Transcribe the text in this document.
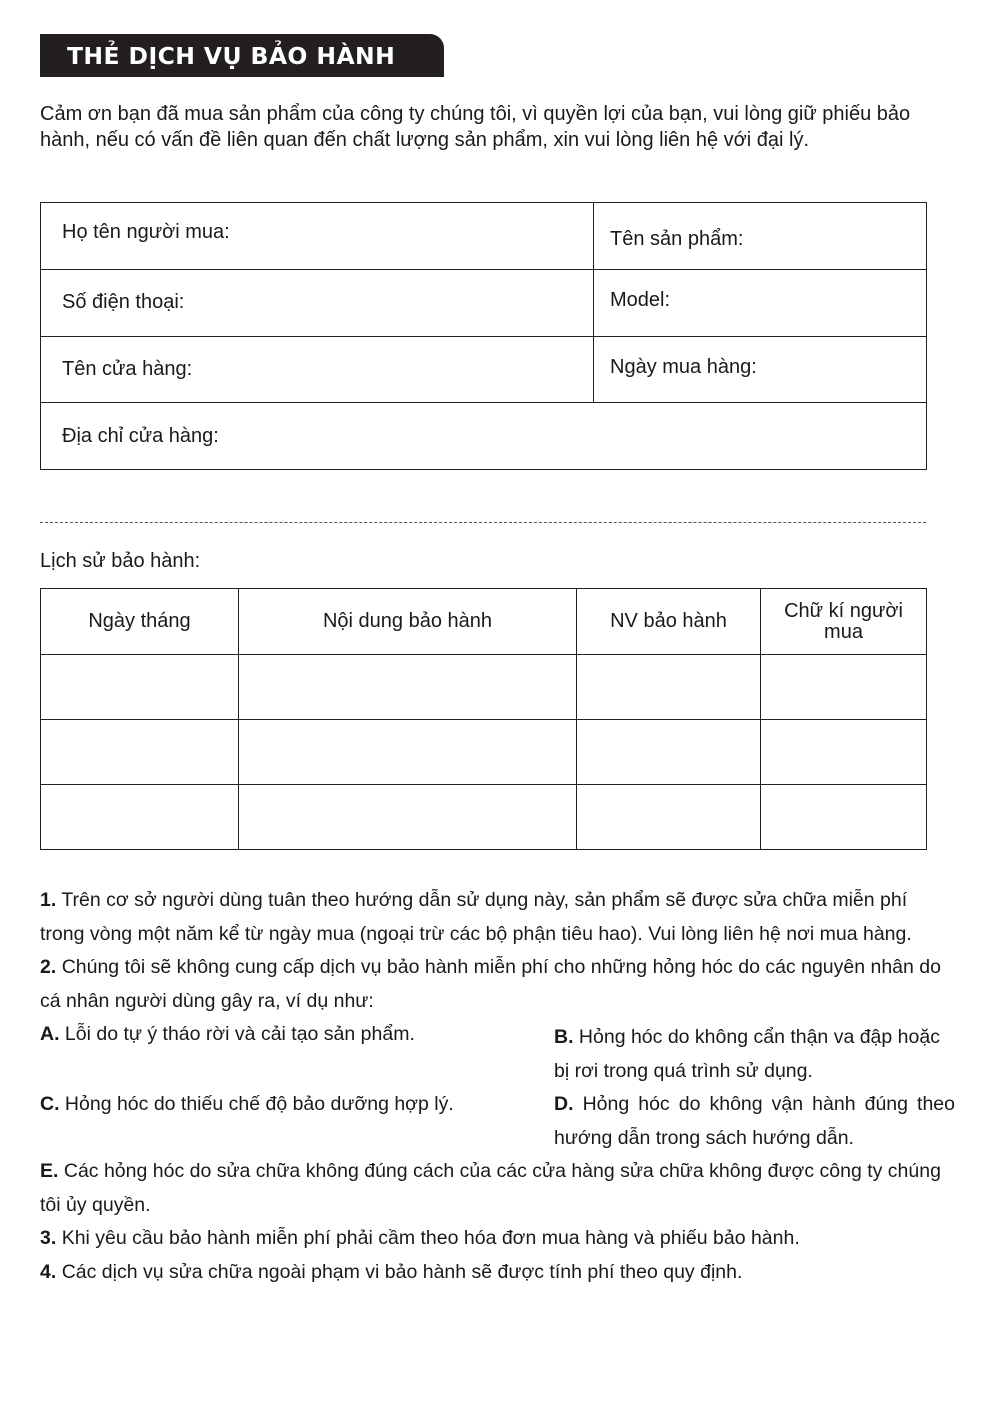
THẺ DỊCH VỤ BẢO HÀNH

Cảm ơn bạn đã mua sản phẩm của công ty chúng tôi, vì quyền lợi của bạn, vui lòng giữ phiếu bảo hành, nếu có vấn đề liên quan đến chất lượng sản phẩm, xin vui lòng liên hệ với đại lý.

Họ tên người mua:	Tên sản phẩm:
Số điện thoại:	Model:
Tên cửa hàng:	Ngày mua hàng:
Địa chỉ cửa hàng:	
Lịch sử bảo hành:
Ngày tháng	Nội dung bảo hành	NV bảo hành	Chữ kí người mua

1. Trên cơ sở người dùng tuân theo hướng dẫn sử dụng này, sản phẩm sẽ được sửa chữa miễn phí trong vòng một năm kể từ ngày mua (ngoại trừ các bộ phận tiêu hao). Vui lòng liên hệ nơi mua hàng.

2. Chúng tôi sẽ không cung cấp dịch vụ bảo hành miễn phí cho những hỏng hóc do các nguyên nhân do cá nhân người dùng gây ra, ví dụ như:

A. Lỗi do tự ý tháo rời và cải tạo sản phẩm.	B. Hỏng hóc do không cẩn thận va đập hoặc bị rơi trong quá trình sử dụng.

C. Hỏng hóc do thiếu chế độ bảo dưỡng hợp lý.	D. Hỏng hóc do không vận hành đúng theo hướng dẫn trong sách hướng dẫn.

E. Các hỏng hóc do sửa chữa không đúng cách của các cửa hàng sửa chữa không được công ty chúng tôi ủy quyền.

3. Khi yêu cầu bảo hành miễn phí phải cầm theo hóa đơn mua hàng và phiếu bảo hành.

4. Các dịch vụ sửa chữa ngoài phạm vi bảo hành sẽ được tính phí theo quy định.
